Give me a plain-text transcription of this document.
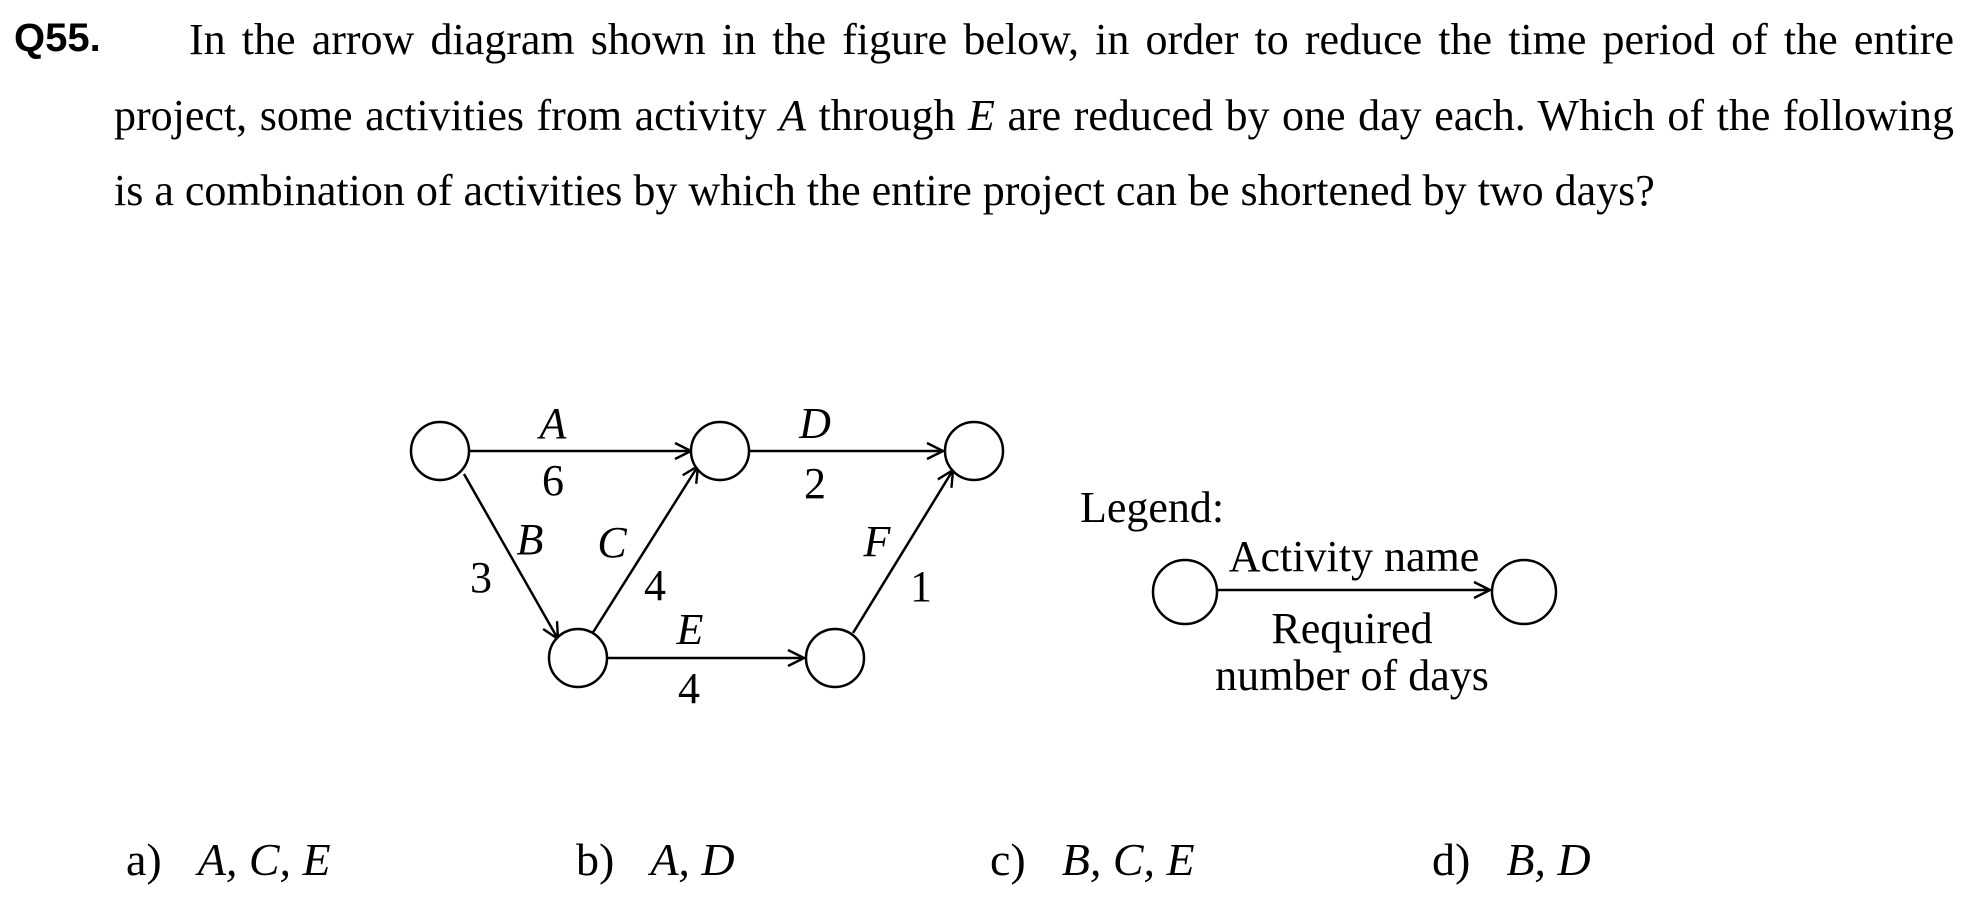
Q55.	In the arrow diagram shown in the figure below, in order to reduce the time period of the entire project, some activities from activity A through E are reduced by one day each. Which of the following is a combination of activities by which the entire project can be shortened by two days?
A
6
D
2
B
3
C
4
E
4
F
1
Legend:
Activity name
Required
number of days
a) A, C, E	b) A, D	c) B, C, E	d) B, D
